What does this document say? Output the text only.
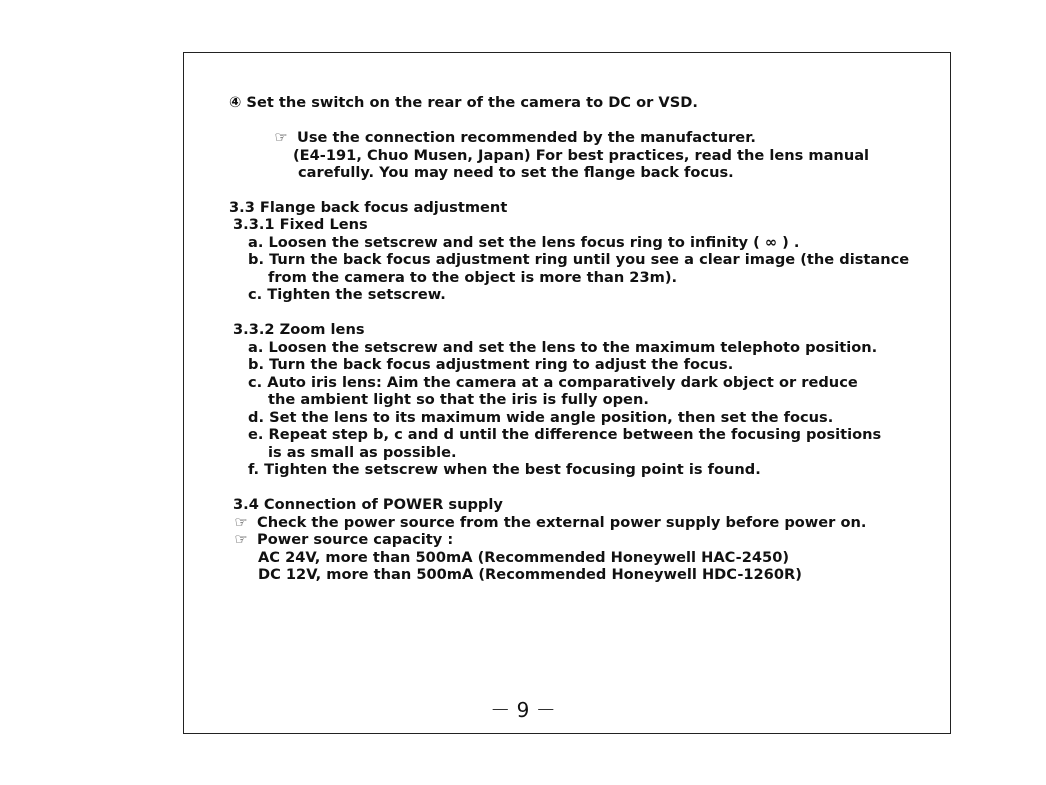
④ Set the switch on the rear of the camera to DC or VSD.
☞ Use the connection recommended by the manufacturer.
(E4-191, Chuo Musen, Japan) For best practices, read the lens manual
carefully. You may need to set the flange back focus.
3.3 Flange back focus adjustment
3.3.1 Fixed Lens
a. Loosen the setscrew and set the lens focus ring to infinity ( ∞ ) .
b. Turn the back focus adjustment ring until you see a clear image (the distance
from the camera to the object is more than 23m).
c. Tighten the setscrew.
3.3.2 Zoom lens
a. Loosen the setscrew and set the lens to the maximum telephoto position.
b. Turn the back focus adjustment ring to adjust the focus.
c. Auto iris lens: Aim the camera at a comparatively dark object or reduce
the ambient light so that the iris is fully open.
d. Set the lens to its maximum wide angle position, then set the focus.
e. Repeat step b, c and d until the difference between the focusing positions
is as small as possible.
f. Tighten the setscrew when the best focusing point is found.
3.4 Connection of POWER supply
☞ Check the power source from the external power supply before power on.
☞ Power source capacity :
AC 24V, more than 500mA (Recommended Honeywell HAC-2450)
DC 12V, more than 500mA (Recommended Honeywell HDC-1260R)
－ 9 －
